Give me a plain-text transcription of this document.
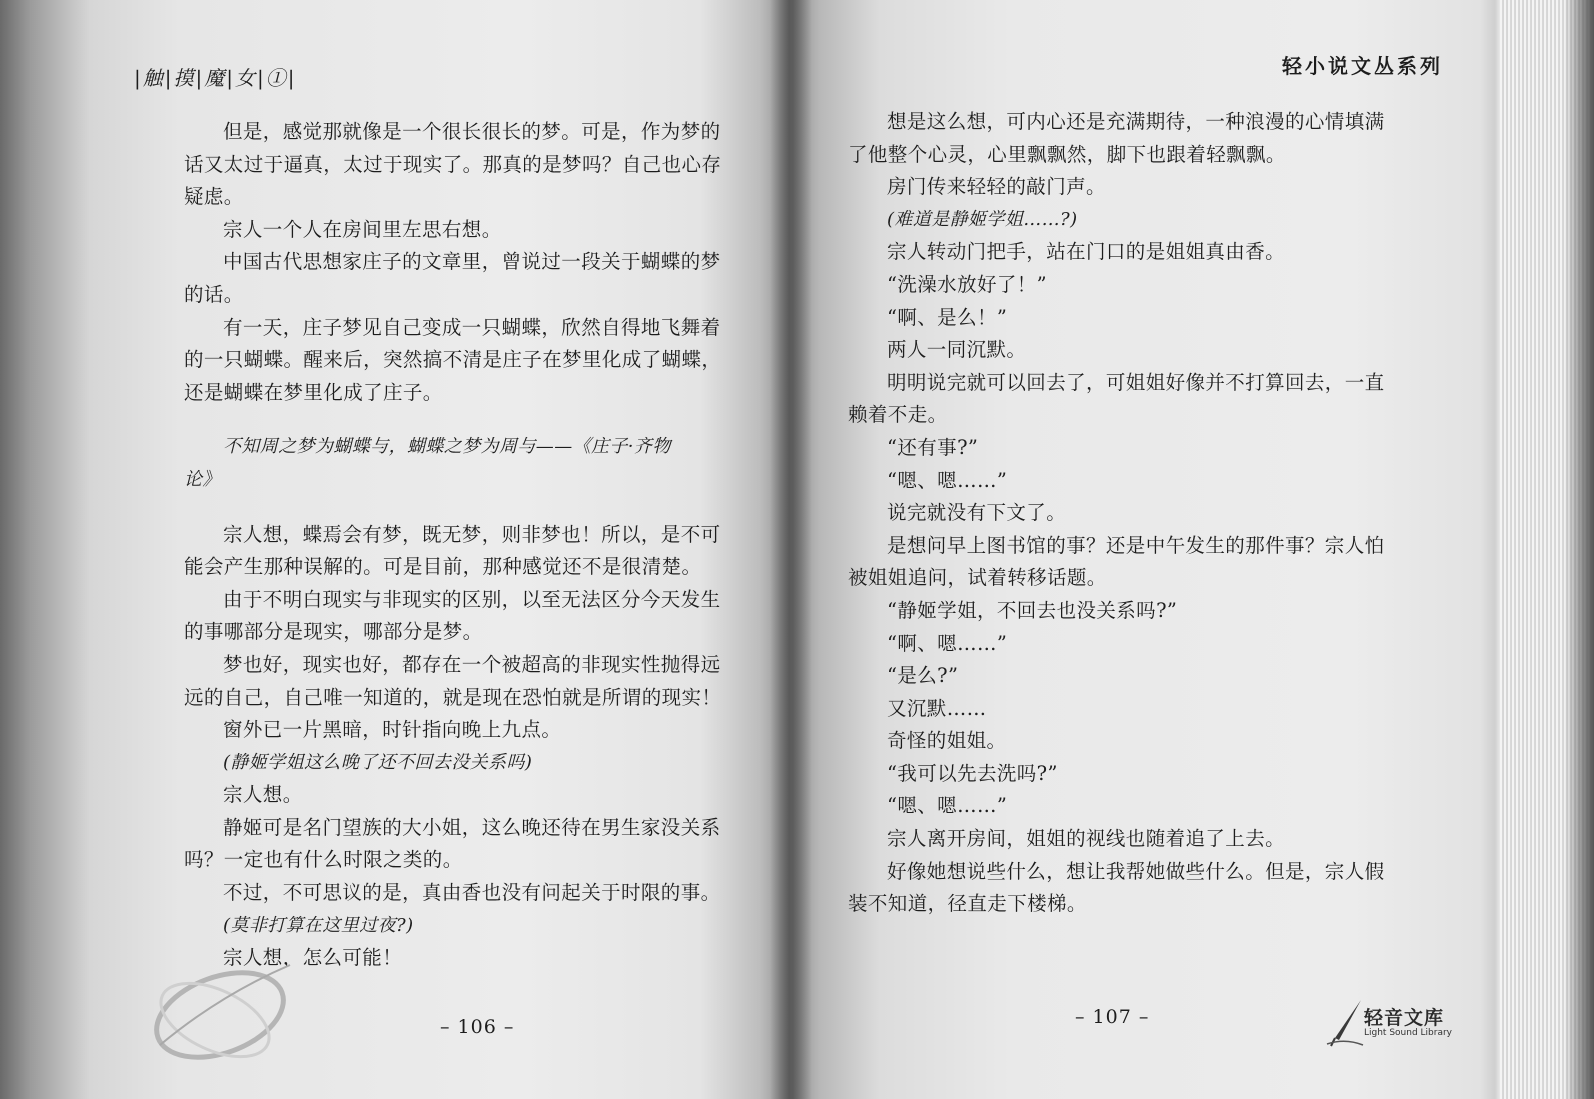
|触|摸|魔|女|①|
但是，感觉那就像是一个很长很长的梦。可是，作为梦的
话又太过于逼真，太过于现实了。那真的是梦吗？自己也心存
疑虑。
宗人一个人在房间里左思右想。
中国古代思想家庄子的文章里，曾说过一段关于蝴蝶的梦
的话。
有一天，庄子梦见自己变成一只蝴蝶，欣然自得地飞舞着
的一只蝴蝶。醒来后，突然搞不清是庄子在梦里化成了蝴蝶，
还是蝴蝶在梦里化成了庄子。
不知周之梦为蝴蝶与，蝴蝶之梦为周与——《庄子·齐物
论》
宗人想，蝶焉会有梦，既无梦，则非梦也！所以，是不可
能会产生那种误解的。可是目前，那种感觉还不是很清楚。
由于不明白现实与非现实的区别，以至无法区分今天发生
的事哪部分是现实，哪部分是梦。
梦也好，现实也好，都存在一个被超高的非现实性抛得远
远的自己，自己唯一知道的，就是现在恐怕就是所谓的现实！
窗外已一片黑暗，时针指向晚上九点。
(静姬学姐这么晚了还不回去没关系吗)
宗人想。
静姬可是名门望族的大小姐，这么晚还待在男生家没关系
吗？一定也有什么时限之类的。
不过，不可思议的是，真由香也没有问起关于时限的事。
(莫非打算在这里过夜?)
宗人想，怎么可能！
– 106 –
轻小说文丛系列
想是这么想，可内心还是充满期待，一种浪漫的心情填满
了他整个心灵，心里飘飘然，脚下也跟着轻飘飘。
房门传来轻轻的敲门声。
(难道是静姬学姐……?)
宗人转动门把手，站在门口的是姐姐真由香。
“洗澡水放好了！”
“啊、是么！”
两人一同沉默。
明明说完就可以回去了，可姐姐好像并不打算回去，一直
赖着不走。
“还有事?”
“嗯、嗯……”
说完就没有下文了。
是想问早上图书馆的事？还是中午发生的那件事？宗人怕
被姐姐追问，试着转移话题。
“静姬学姐，不回去也没关系吗?”
“啊、嗯……”
“是么?”
又沉默……
奇怪的姐姐。
“我可以先去洗吗?”
“嗯、嗯……”
宗人离开房间，姐姐的视线也随着追了上去。
好像她想说些什么，想让我帮她做些什么。但是，宗人假
装不知道，径直走下楼梯。
– 107 –	轻音文库
Light Sound Library
